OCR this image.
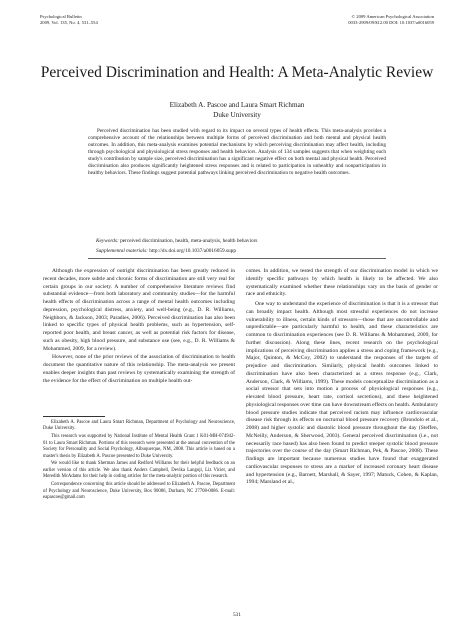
Psychological Bulletin
2009, Vol. 135, No. 4, 531–554
© 2009 American Psychological Association
0033-2909/09/$12.00 DOI: 10.1037/a0016059
Perceived Discrimination and Health: A Meta-Analytic Review
Elizabeth A. Pascoe and Laura Smart Richman
Duke University

Perceived discrimination has been studied with regard to its impact on several types of health effects. This meta-analysis provides a comprehensive account of the relationships between multiple forms of perceived discrimination and both mental and physical health outcomes. In addition, this meta-analysis examines potential mechanisms by which perceiving discrimination may affect health, including through psychological and physiological stress responses and health behaviors. Analysis of 134 samples suggests that when weighting each study's contribution by sample size, perceived discrimination has a significant negative effect on both mental and physical health. Perceived discrimination also produces significantly heightened stress responses and is related to participation in unhealthy and nonparticipation in healthy behaviors. These findings suggest potential pathways linking perceived discrimination to negative health outcomes.

Keywords: perceived discrimination, health, meta-analysis, health behaviors

Supplemental materials: http://dx.doi.org/10.1037/a0016059.supp

Although the expression of outright discrimination has been greatly reduced in recent decades, more subtle and chronic forms of discrimination are still very real for certain groups in our society. A number of comprehensive literature reviews find substantial evidence—from both laboratory and community studies—for the harmful health effects of discrimination across a range of mental health outcomes including depression, psychological distress, anxiety, and well-being (e.g., D. R. Williams, Neighbors, & Jackson, 2003; Paradies, 2006). Perceived discrimination has also been linked to specific types of physical health problems, such as hypertension, self-reported poor health, and breast cancer, as well as potential risk factors for disease, such as obesity, high blood pressure, and substance use (see, e.g., D. R. Williams & Mohammed, 2009, for a review).

However, none of the prior reviews of the association of discrimination to health document the quantitative nature of this relationship. The meta-analysis we present enables deeper insights than past reviews by systematically examining the strength of the evidence for the effect of discrimination on multiple health out-

Elizabeth A. Pascoe and Laura Smart Richman, Department of Psychology and Neuroscience, Duke University.

This research was supported by National Institute of Mental Health Grant 1 K01-MH-074942-01 to Laura Smart Richman. Portions of this research were presented at the annual convention of the Society for Personality and Social Psychology, Albuquerque, NM, 2008. This article is based on a master's thesis by Elizabeth A. Pascoe presented to Duke University.

We would like to thank Sherman James and Redford Williams for their helpful feedback on an earlier version of this article. We also thank Anders Campbell, Devika Langoji, Liz Vicier, and Meredith McAdams for their help in coding articles for the meta-analytic portion of this research.

Correspondence concerning this article should be addressed to Elizabeth A. Pascoe, Department of Psychology and Neuroscience, Duke University, Box 90086, Durham, NC 27708-0086. E-mail: eapascoe@gmail.com

comes. In addition, we tested the strength of our discrimination model in which we identify specific pathways by which health is likely to be affected. We also systematically examined whether these relationships vary on the basis of gender or race and ethnicity.

One way to understand the experience of discrimination is that it is a stressor that can broadly impact health. Although most stressful experiences do not increase vulnerability to illness, certain kinds of stressors—those that are uncontrollable and unpredictable—are particularly harmful to health, and these characteristics are common to discrimination experiences (see D. R. Williams & Mohammed, 2009, for further discussion). Along these lines, recent research on the psychological implications of perceiving discrimination applies a stress and coping framework (e.g., Major, Quinton, & McCoy, 2002) to understand the responses of the targets of prejudice and discrimination. Similarly, physical health outcomes linked to discrimination have also been characterized as a stress response (e.g., Clark, Anderson, Clark, & Williams, 1999). These models conceptualize discrimination as a social stressor that sets into motion a process of physiological responses (e.g., elevated blood pressure, heart rate, cortisol secretions), and these heightened physiological responses over time can have downstream effects on health. Ambulatory blood pressure studies indicate that perceived racism may influence cardiovascular disease risk through its effects on nocturnal blood pressure recovery (Brondolo et al., 2008) and higher systolic and diastolic blood pressure throughout the day (Steffen, McNeilly, Anderson, & Sherwood, 2003). General perceived discrimination (i.e., not necessarily race based) has also been found to predict steeper systolic blood pressure trajectories over the course of the day (Smart Richman, Pek, & Pascoe, 2008). These findings are important because numerous studies have found that exaggerated cardiovascular responses to stress are a marker of increased coronary heart disease and hypertension (e.g., Barnett, Marshall, & Sayer, 1997; Matuck, Cohen, & Kaplan, 1994; Marsland et al.,

531
